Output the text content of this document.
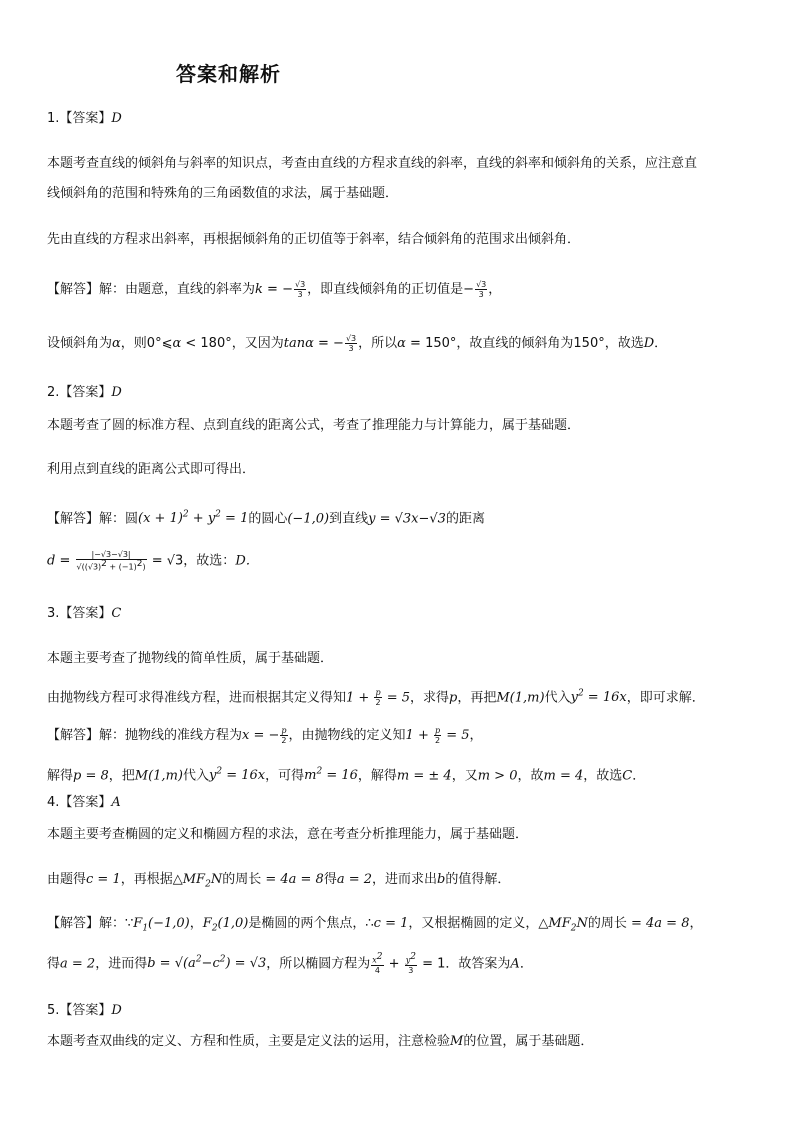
答案和解析
1.【答案】D
本题考查直线的倾斜角与斜率的知识点，考查由直线的方程求直线的斜率，直线的斜率和倾斜角的关系，应注意直
线倾斜角的范围和特殊角的三角函数值的求法，属于基础题．
先由直线的方程求出斜率，再根据倾斜角的正切值等于斜率，结合倾斜角的范围求出倾斜角．
【解答】解：由题意，直线的斜率为k = − $\frac{√3}{3}$ ，即直线倾斜角的正切值是− $\frac{√3}{3}$ ，
设倾斜角为α，则0°⩽α < 180°，又因为tanα = − $\frac{√3}{3}$ ，所以α = 150°，故直线的倾斜角为150°，故选D．
2.【答案】D
本题考查了圆的标准方程、点到直线的距离公式，考查了推理能力与计算能力，属于基础题．
利用点到直线的距离公式即可得出．
【解答】解：圆$(x + 1)^2 + y^2 = 1$的圆心(−1,0)到直线y = √3x−√3的距离
$d = \frac{|-√3-√3|}{√((√3)2 + (-1)2)} = √3$，故选：D．
3.【答案】C
本题主要考查了抛物线的简单性质，属于基础题．
由抛物线方程可求得准线方程，进而根据其定义得知$1 + \frac{p}{2} = 5$，求得p，再把M(1,m)代入$y^2 = 16x$，即可求解．
【解答】解：抛物线的准线方程为x = − $\frac{p}{2}$ ，由抛物线的定义知$1 + \frac{p}{2} = 5$，
解得p = 8，把M(1,m)代入$y^2 = 16x$，可得$m^2 = 16$，解得m = ± 4，又m > 0，故m = 4，故选C．
4.【答案】A
本题主要考查椭圆的定义和椭圆方程的求法，意在考查分析推理能力，属于基础题．
由题得c = 1，再根据$\triangle MF_2N$的周长 = 4a = 8得a = 2，进而求出b的值得解．
【解答】解：$\because F_1(-1,0)$，$F_2(1,0)$是椭圆的两个焦点，∴c = 1，又根据椭圆的定义，$\triangle MF_2N$的周长 = 4a = 8，
得a = 2，进而得$b = √(a^2-c^2) = √3$，所以椭圆方程为 $\frac{x2}{4} + \frac{y2}{3} = 1$．故答案为A．
5.【答案】D
本题考查双曲线的定义、方程和性质，主要是定义法的运用，注意检验M的位置，属于基础题．
